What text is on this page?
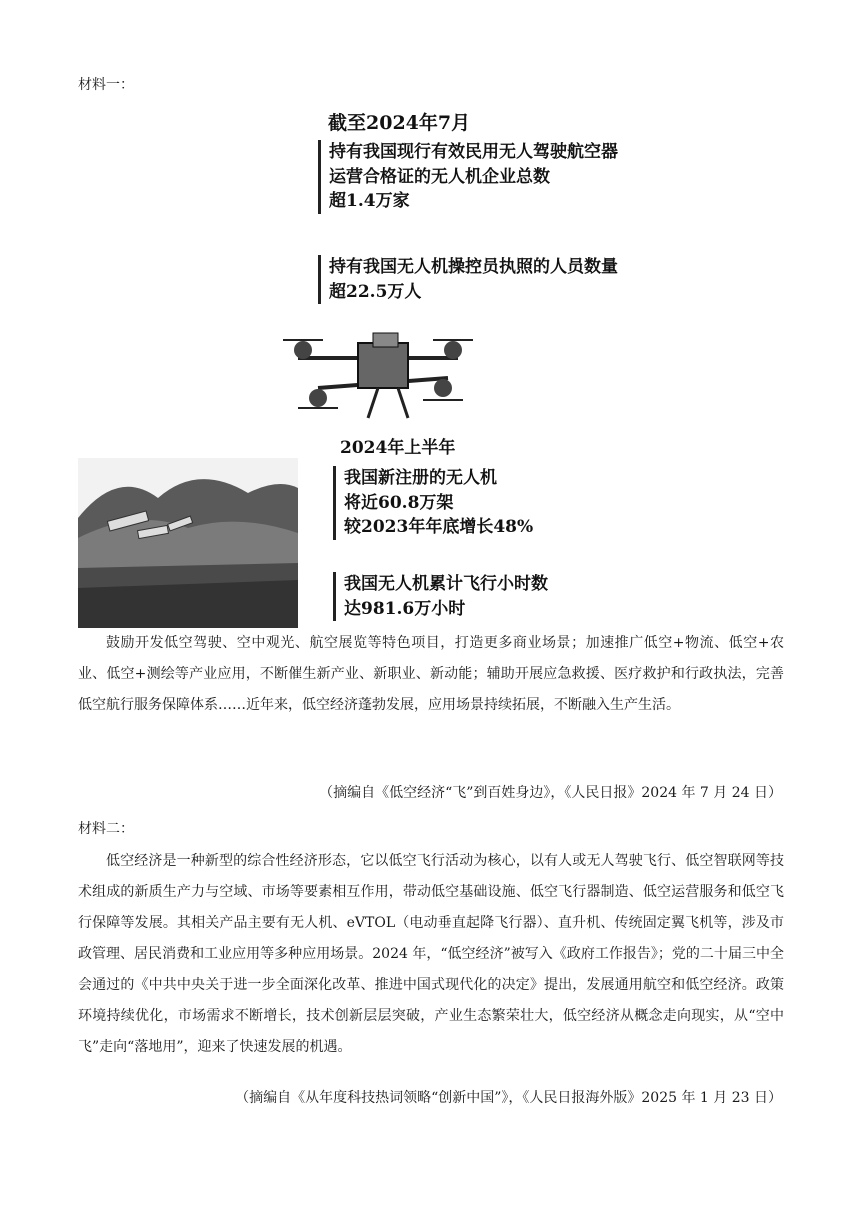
材料一：
截至2024年7月
持有我国现行有效民用无人驾驶航空器
运营合格证的无人机企业总数
超1.4万家
持有我国无人机操控员执照的人员数量
超22.5万人
2024年上半年
我国新注册的无人机
将近60.8万架
较2023年年底增长48%
我国无人机累计飞行小时数
达981.6万小时

鼓励开发低空驾驶、空中观光、航空展览等特色项目，打造更多商业场景；加速推广低空+物流、低空+农业、低空+测绘等产业应用，不断催生新产业、新职业、新动能；辅助开展应急救援、医疗救护和行政执法，完善低空航行服务保障体系……近年来，低空经济蓬勃发展，应用场景持续拓展，不断融入生产生活。

（摘编自《低空经济“飞”到百姓身边》，《人民日报》2024 年 7 月 24 日）
材料二：

低空经济是一种新型的综合性经济形态，它以低空飞行活动为核心，以有人或无人驾驶飞行、低空智联网等技术组成的新质生产力与空域、市场等要素相互作用，带动低空基础设施、低空飞行器制造、低空运营服务和低空飞行保障等发展。其相关产品主要有无人机、eVTOL（电动垂直起降飞行器）、直升机、传统固定翼飞机等，涉及市政管理、居民消费和工业应用等多种应用场景。2024 年，“低空经济”被写入《政府工作报告》；党的二十届三中全会通过的《中共中央关于进一步全面深化改革、推进中国式现代化的决定》提出，发展通用航空和低空经济。政策环境持续优化，市场需求不断增长，技术创新层层突破，产业生态繁荣壮大，低空经济从概念走向现实，从“空中飞”走向“落地用”，迎来了快速发展的机遇。

（摘编自《从年度科技热词领略“创新中国”》，《人民日报海外版》2025 年 1 月 23 日）
